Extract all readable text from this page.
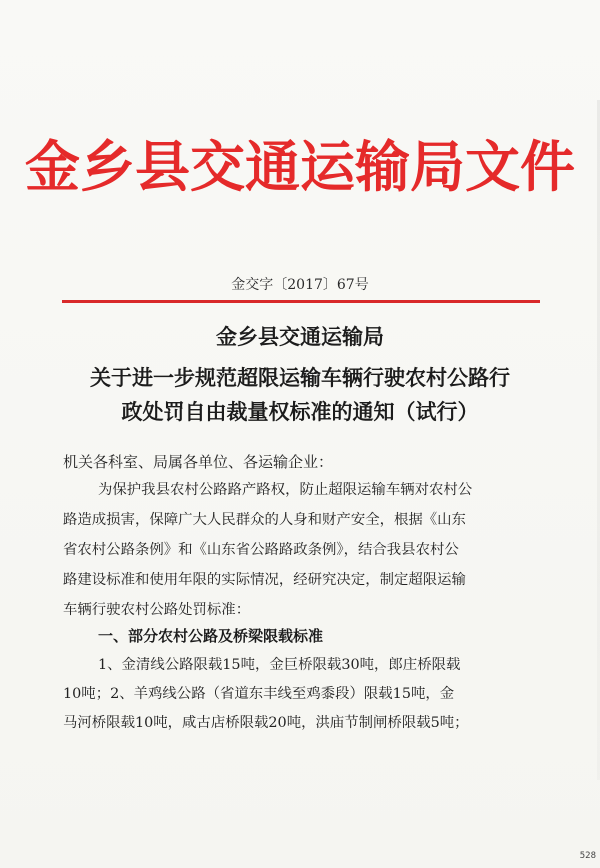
金乡县交通运输局文件
金交字〔2017〕67号
金乡县交通运输局
关于进一步规范超限运输车辆行驶农村公路行
政处罚自由裁量权标准的通知（试行）
机关各科室、局属各单位、各运输企业：
为保护我县农村公路路产路权，防止超限运输车辆对农村公
路造成损害，保障广大人民群众的人身和财产安全，根据《山东
省农村公路条例》和《山东省公路路政条例》，结合我县农村公
路建设标准和使用年限的实际情况，经研究决定，制定超限运输
车辆行驶农村公路处罚标准：
一、部分农村公路及桥梁限载标准
1、金清线公路限载15吨，金巨桥限载30吨，郎庄桥限载
10吨；2、羊鸡线公路（省道东丰线至鸡黍段）限载15吨，金
马河桥限载10吨，咸古店桥限载20吨，洪庙节制闸桥限载5吨；
528
